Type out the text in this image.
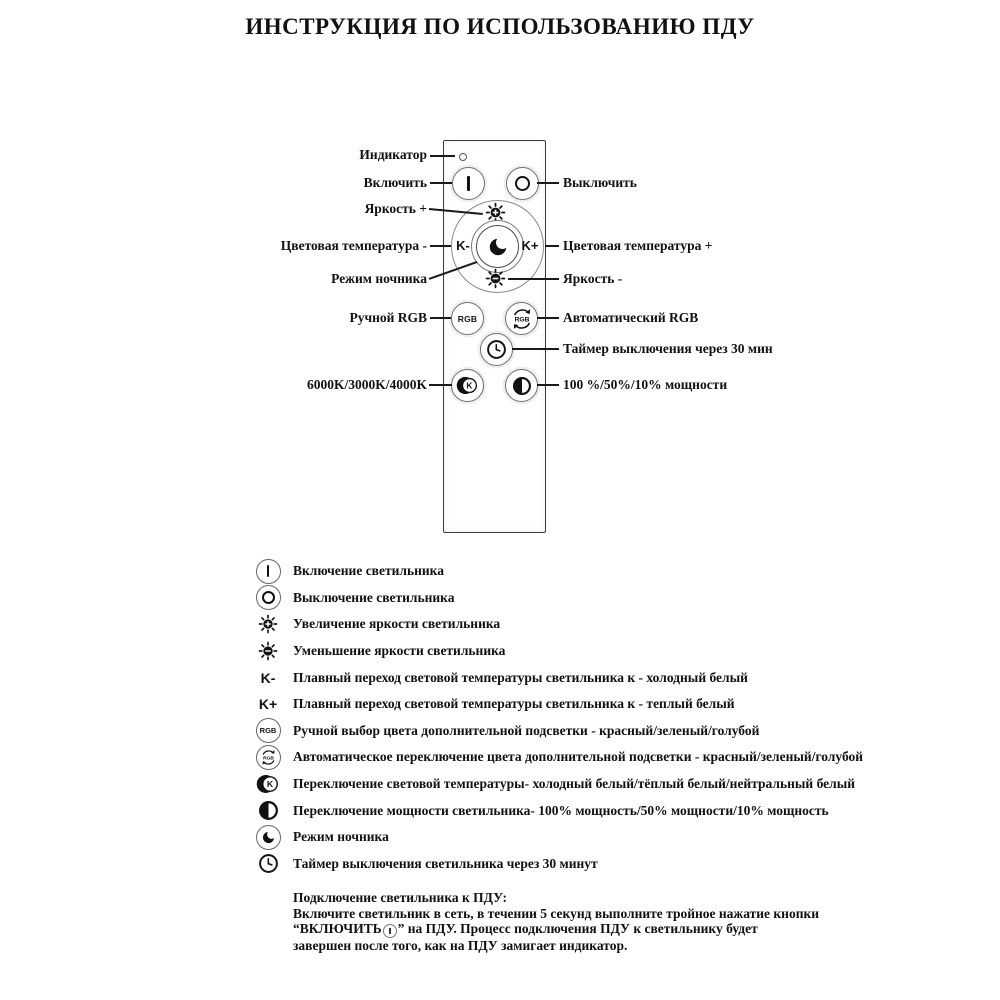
ИНСТРУКЦИЯ ПО ИСПОЛЬЗОВАНИЮ ПДУ
K-	K+
RGB
Индикатор
Включить
Яркость +
Цветовая температура -
Режим ночника
Ручной RGB
6000K/3000K/4000K
Выключить
Цветовая температура +
Яркость -
Автоматический RGB
Таймер выключения через 30 мин
100 %/50%/10% мощности
Включение светильника
Выключение светильника
Увеличение яркости светильника
Уменьшение яркости светильника
K- Плавный переход световой температуры светильника к - холодный белый
K+ Плавный переход световой температуры светильника к - теплый белый
RGB Ручной выбор цвета дополнительной подсветки - красный/зеленый/голубой
Автоматическое переключение цвета дополнительной подсветки - красный/зеленый/голубой
Переключение световой температуры- холодный белый/тёплый белый/нейтральный белый
Переключение мощности светильника- 100% мощность/50% мощности/10% мощность
Режим ночника
Таймер выключения светильника через 30 минут
Подключение светильника к ПДУ:
Включите светильник в сеть, в течении 5 секунд выполните тройное нажатие кнопки
“ВКЛЮЧИТЬ ” на ПДУ. Процесс подключения ПДУ к светильнику будет
завершен после того, как на ПДУ замигает индикатор.
